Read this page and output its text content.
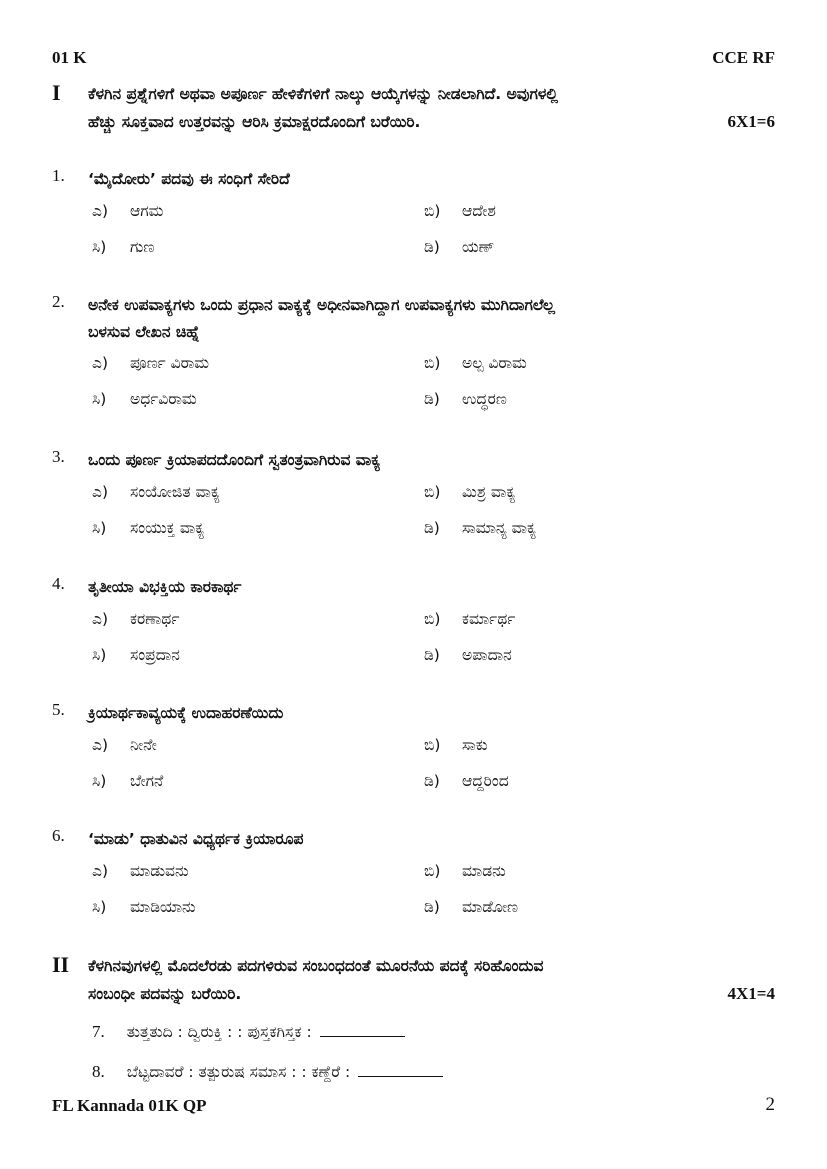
01 K	CCE RF
I ಕೆಳಗಿನ ಪ್ರಶ್ನೆಗಳಿಗೆ ಅಥವಾ ಅಪೂರ್ಣ ಹೇಳಿಕೆಗಳಿಗೆ ನಾಲ್ಕು ಆಯ್ಕೆಗಳನ್ನು ನೀಡಲಾಗಿದೆ. ಅವುಗಳಲ್ಲಿ
ಹೆಚ್ಚು ಸೂಕ್ತವಾದ ಉತ್ತರವನ್ನು ಆರಿಸಿ ಕ್ರಮಾಕ್ಷರದೊಂದಿಗೆ ಬರೆಯಿರಿ.	6X1=6
1. ‘ಮೈದೋರು’ ಪದವು ಈ ಸಂಧಿಗೆ ಸೇರಿದೆ
ಎ)	ಆಗಮ	ಬಿ)	ಆದೇಶ
ಸಿ)	ಗುಣ	ಡಿ)	ಯಣ್
2. ಅನೇಕ ಉಪವಾಕ್ಯಗಳು ಒಂದು ಪ್ರಧಾನ ವಾಕ್ಯಕ್ಕೆ ಅಧೀನವಾಗಿದ್ದಾಗ ಉಪವಾಕ್ಯಗಳು ಮುಗಿದಾಗಲೆಲ್ಲ
ಬಳಸುವ ಲೇಖನ ಚಿಹ್ನೆ
ಎ)	ಪೂರ್ಣ ವಿರಾಮ	ಬಿ)	ಅಲ್ಪ ವಿರಾಮ
ಸಿ)	ಅರ್ಧವಿರಾಮ	ಡಿ)	ಉದ್ಧರಣ
3. ಒಂದು ಪೂರ್ಣ ಕ್ರಿಯಾಪದದೊಂದಿಗೆ ಸ್ವತಂತ್ರವಾಗಿರುವ ವಾಕ್ಯ
ಎ)	ಸಂಯೋಜಿತ ವಾಕ್ಯ	ಬಿ)	ಮಿಶ್ರ ವಾಕ್ಯ
ಸಿ)	ಸಂಯುಕ್ತ ವಾಕ್ಯ	ಡಿ)	ಸಾಮಾನ್ಯ ವಾಕ್ಯ
4. ತೃತೀಯಾ ವಿಭಕ್ತಿಯ ಕಾರಕಾರ್ಥ
ಎ)	ಕರಣಾರ್ಥ	ಬಿ)	ಕರ್ಮಾರ್ಥ
ಸಿ)	ಸಂಪ್ರದಾನ	ಡಿ)	ಅಪಾದಾನ
5. ಕ್ರಿಯಾರ್ಥಕಾವ್ಯಯಕ್ಕೆ ಉದಾಹರಣೆಯಿದು
ಎ)	ನೀನೇ	ಬಿ)	ಸಾಕು
ಸಿ)	ಬೇಗನೆ	ಡಿ)	ಆದ್ದರಿಂದ
6. ‘ಮಾಡು’ ಧಾತುವಿನ ವಿಧ್ಯರ್ಥಕ ಕ್ರಿಯಾರೂಪ
ಎ)	ಮಾಡುವನು	ಬಿ)	ಮಾಡನು
ಸಿ)	ಮಾಡಿಯಾನು	ಡಿ)	ಮಾಡೋಣ
II ಕೆಳಗಿನವುಗಳಲ್ಲಿ ಮೊದಲೆರಡು ಪದಗಳಿರುವ ಸಂಬಂಧದಂತೆ ಮೂರನೆಯ ಪದಕ್ಕೆ ಸರಿಹೊಂದುವ
ಸಂಬಂಧೀ ಪದವನ್ನು ಬರೆಯಿರಿ.	4X1=4
7. ತುತ್ತತುದಿ : ದ್ವಿರುಕ್ತಿ : : ಪುಸ್ತಕಗಿಸ್ತಕ :
8. ಬೆಟ್ಟದಾವರೆ : ತತ್ಪುರುಷ ಸಮಾಸ : : ಕಣ್ದೆರೆ :
FL Kannada 01K QP	2
